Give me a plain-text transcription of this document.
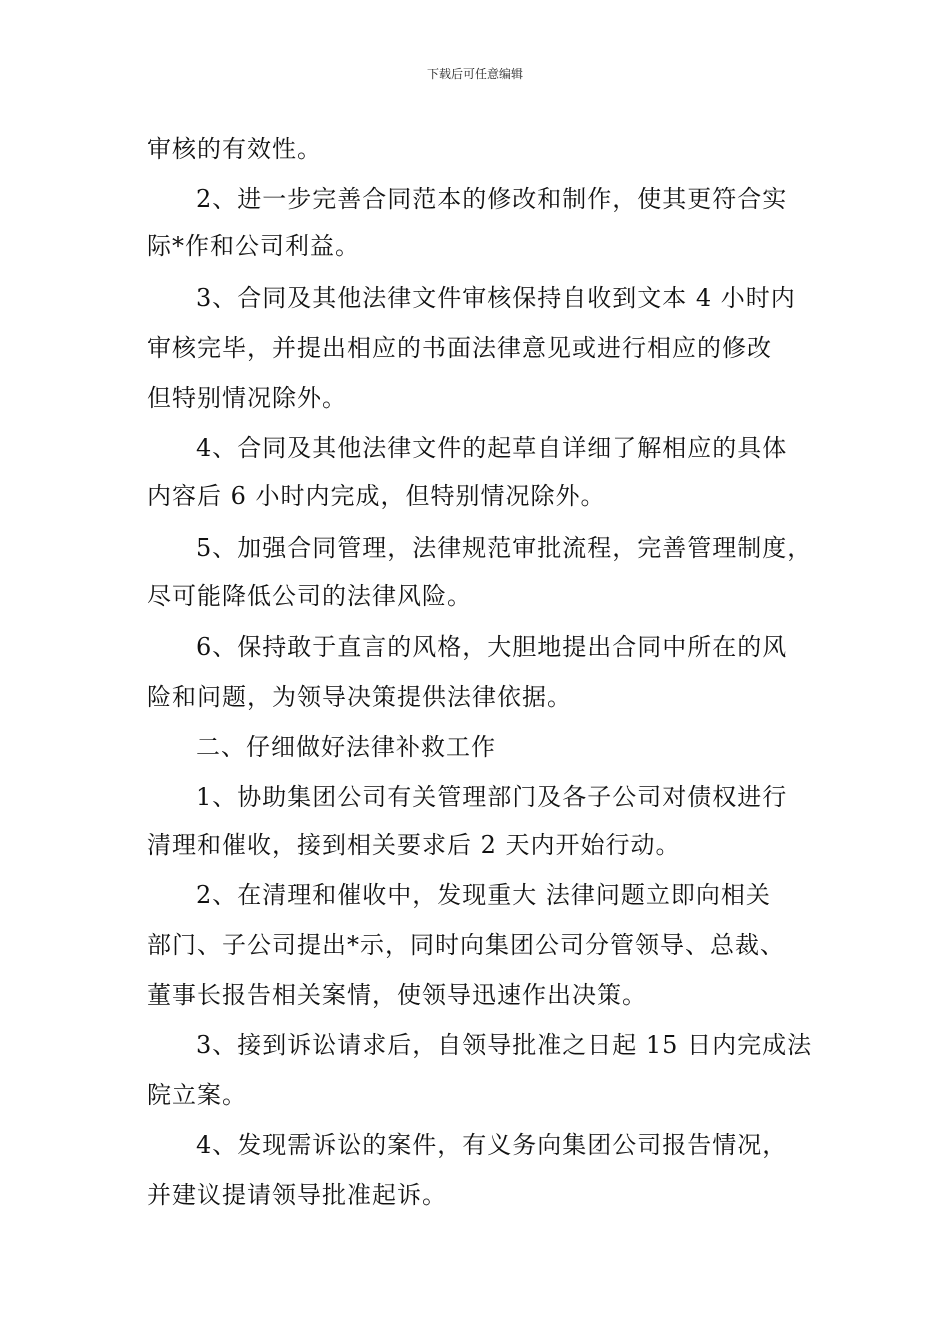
下载后可任意编辑
审核的有效性。
2、进一步完善合同范本的修改和制作，使其更符合实
际*作和公司利益。
3、合同及其他法律文件审核保持自收到文本 4 小时内
审核完毕，并提出相应的书面法律意见或进行相应的修改
但特别情况除外。
4、合同及其他法律文件的起草自详细了解相应的具体
内容后 6 小时内完成，但特别情况除外。
5、加强合同管理，法律规范审批流程，完善管理制度，
尽可能降低公司的法律风险。
6、保持敢于直言的风格，大胆地提出合同中所在的风
险和问题，为领导决策提供法律依据。
二、仔细做好法律补救工作
1、协助集团公司有关管理部门及各子公司对债权进行
清理和催收，接到相关要求后 2 天内开始行动。
2、在清理和催收中，发现重大 法律问题立即向相关
部门、子公司提出*示，同时向集团公司分管领导、总裁、
董事长报告相关案情，使领导迅速作出决策。
3、接到诉讼请求后，自领导批准之日起 15 日内完成法
院立案。
4、发现需诉讼的案件，有义务向集团公司报告情况，
并建议提请领导批准起诉。
